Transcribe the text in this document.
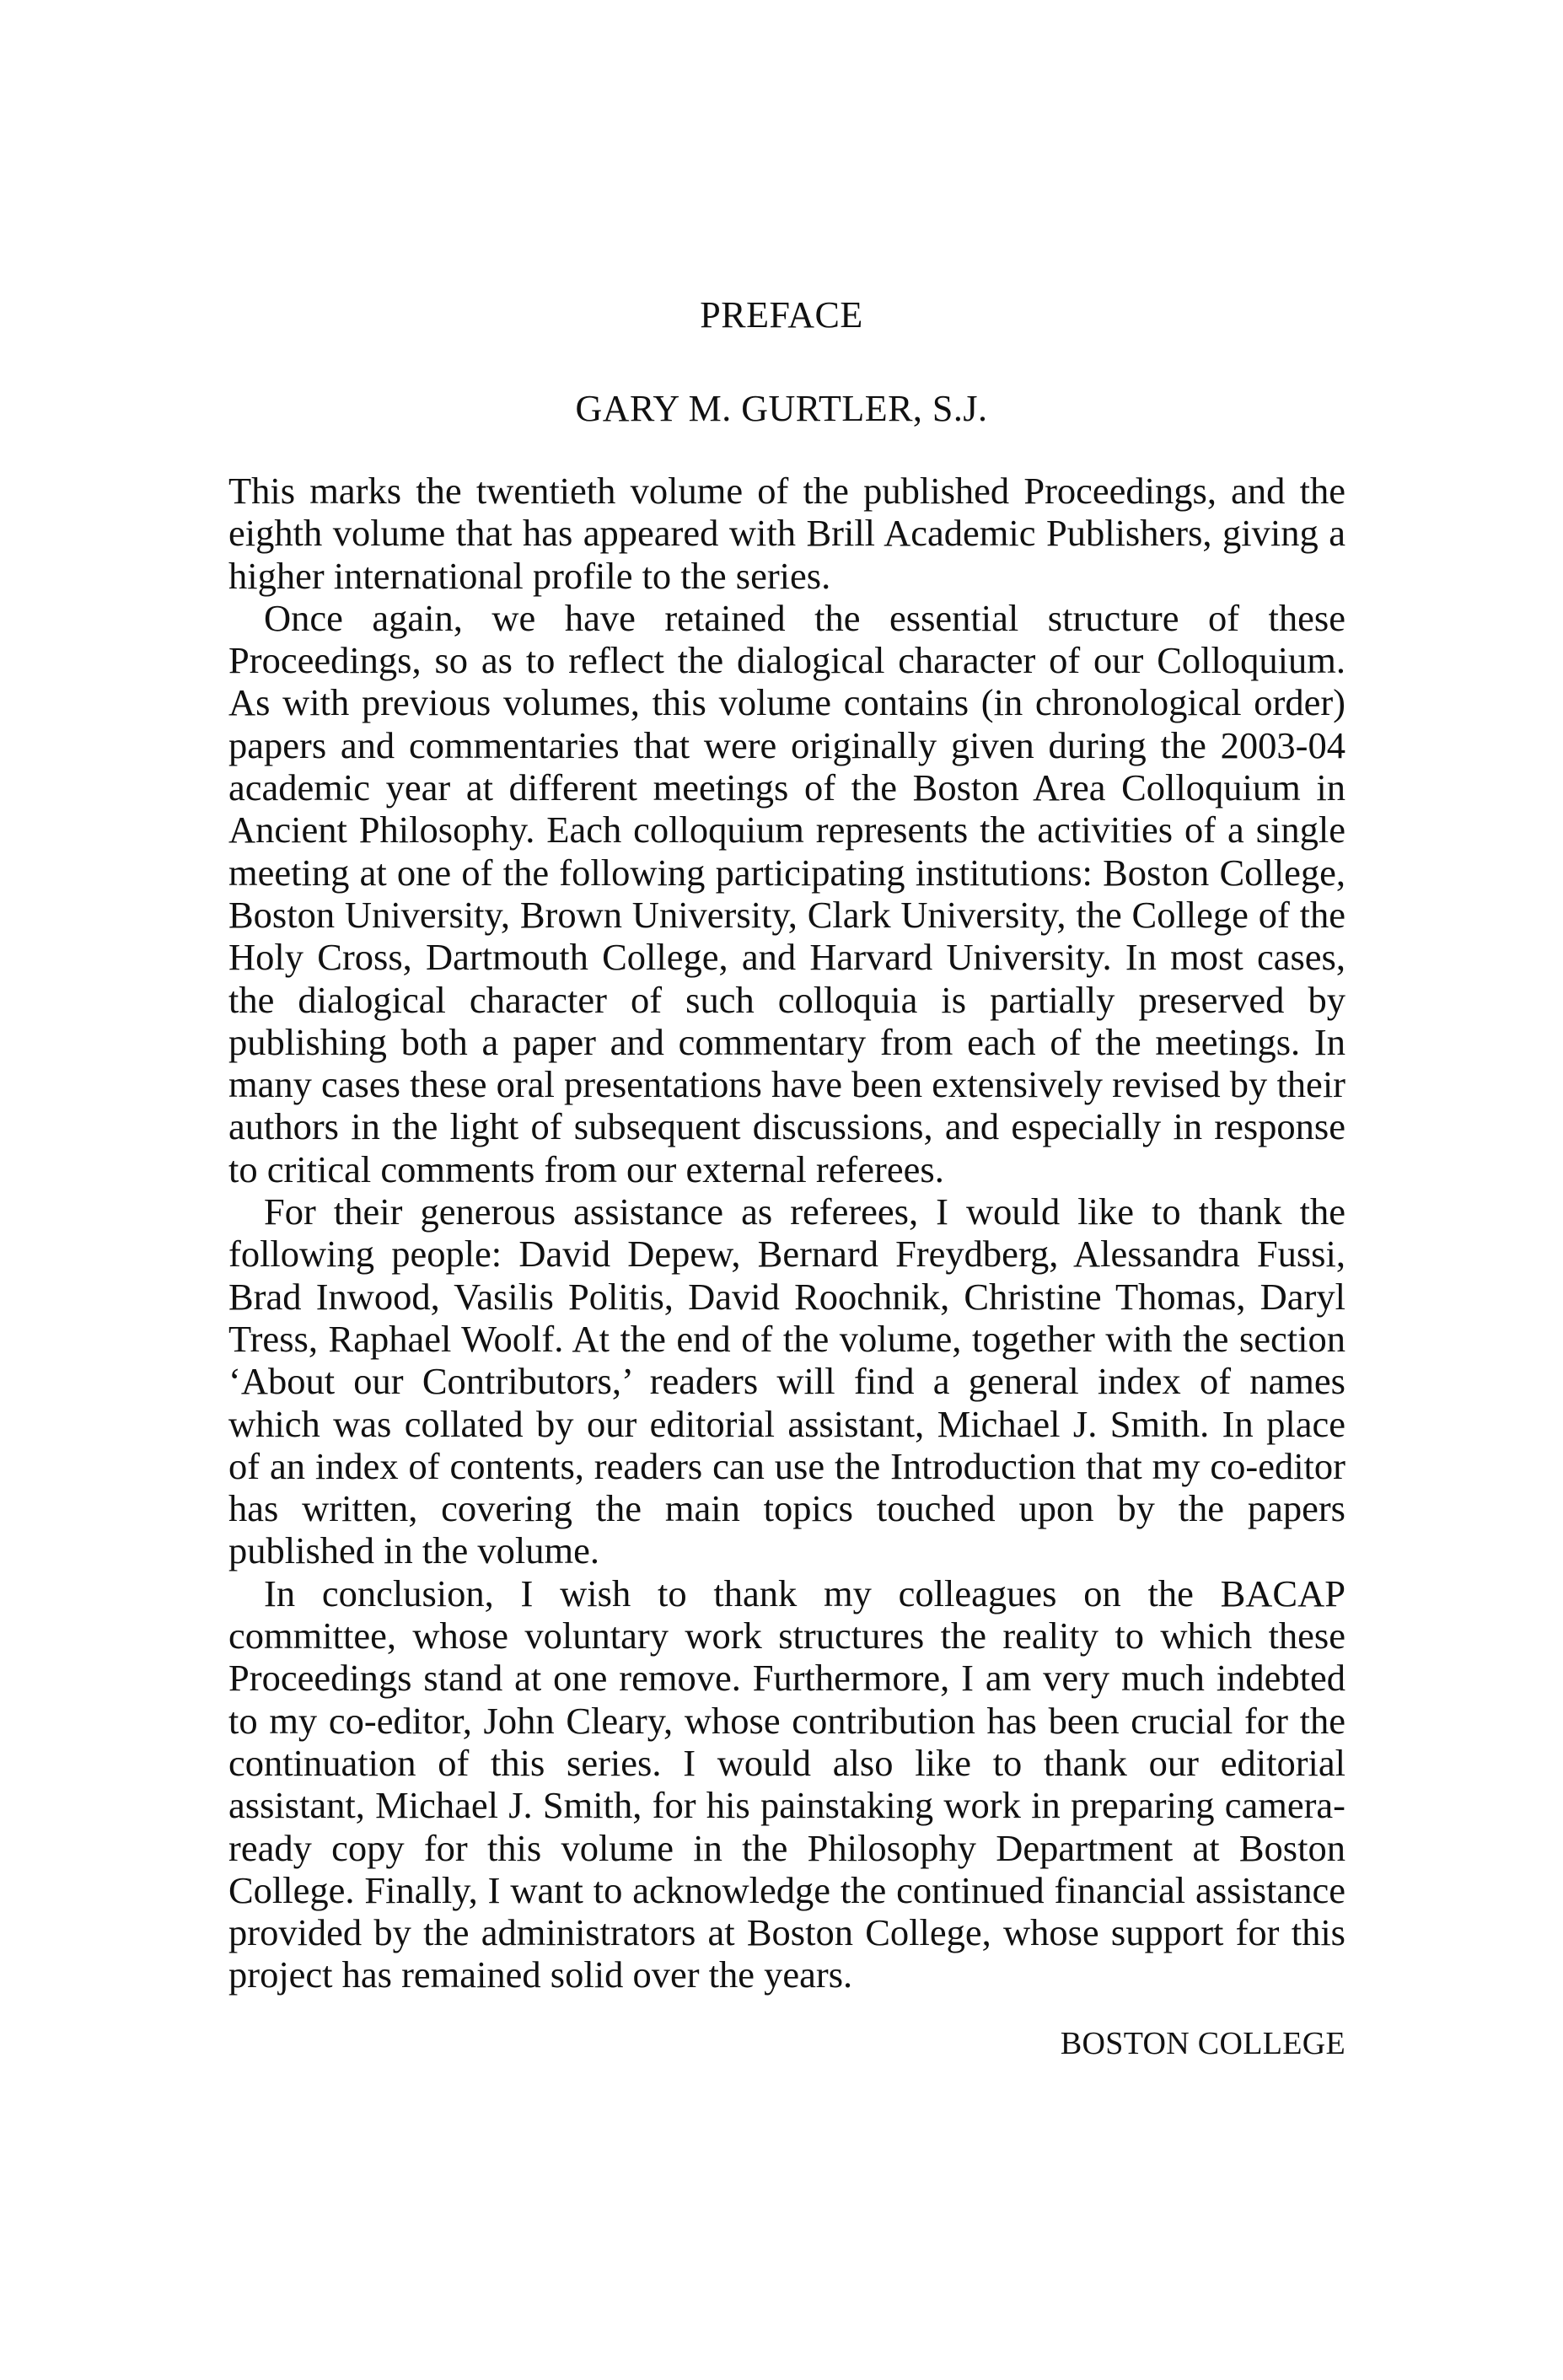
PREFACE
GARY M. GURTLER, S.J.

This marks the twentieth volume of the published Proceedings, and the eighth volume that has appeared with Brill Academic Publishers, giving a higher international profile to the series.

Once again, we have retained the essential structure of these Proceedings, so as to reflect the dialogical character of our Colloquium. As with previous volumes, this volume contains (in chronological order) papers and commentaries that were originally given during the 2003-04 academic year at different meetings of the Boston Area Colloquium in Ancient Philosophy. Each colloquium represents the activities of a single meeting at one of the following participating institutions: Boston College, Boston University, Brown University, Clark University, the College of the Holy Cross, Dartmouth College, and Harvard University. In most cases, the dialogical character of such colloquia is partially preserved by publishing both a paper and commentary from each of the meetings. In many cases these oral presentations have been extensively revised by their authors in the light of subsequent discussions, and especially in response to critical comments from our external referees.

For their generous assistance as referees, I would like to thank the following people: David Depew, Bernard Freydberg, Alessandra Fussi, Brad Inwood, Vasilis Politis, David Roochnik, Christine Thomas, Daryl Tress, Raphael Woolf. At the end of the volume, together with the section ‘About our Contributors,’ readers will find a general index of names which was collated by our editorial assistant, Michael J. Smith. In place of an index of contents, readers can use the Introduction that my co-editor has written, covering the main topics touched upon by the papers published in the volume.

In conclusion, I wish to thank my colleagues on the BACAP committee, whose voluntary work structures the reality to which these Proceedings stand at one remove. Furthermore, I am very much indebted to my co-editor, John Cleary, whose contribution has been crucial for the continuation of this series. I would also like to thank our editorial assistant, Michael J. Smith, for his painstaking work in preparing camera-ready copy for this volume in the Philosophy Department at Boston College. Finally, I want to acknowledge the continued financial assistance provided by the administrators at Boston College, whose support for this project has remained solid over the years.

BOSTON COLLEGE
